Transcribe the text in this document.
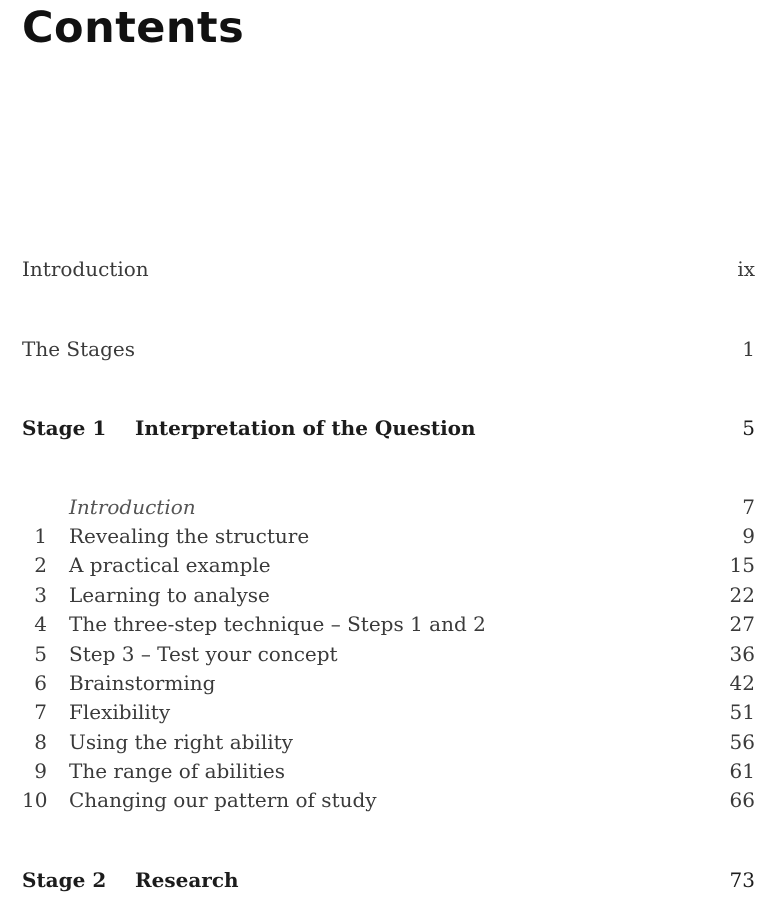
Contents
Introduction	ix
The Stages	1
Stage 1 Interpretation of the Question	5
Introduction	7
1 Revealing the structure	9
2 A practical example	15
3 Learning to analyse	22
4 The three-step technique – Steps 1 and 2	27
5 Step 3 – Test your concept	36
6 Brainstorming	42
7 Flexibility	51
8 Using the right ability	56
9 The range of abilities	61
10 Changing our pattern of study	66
Stage 2 Research	73
